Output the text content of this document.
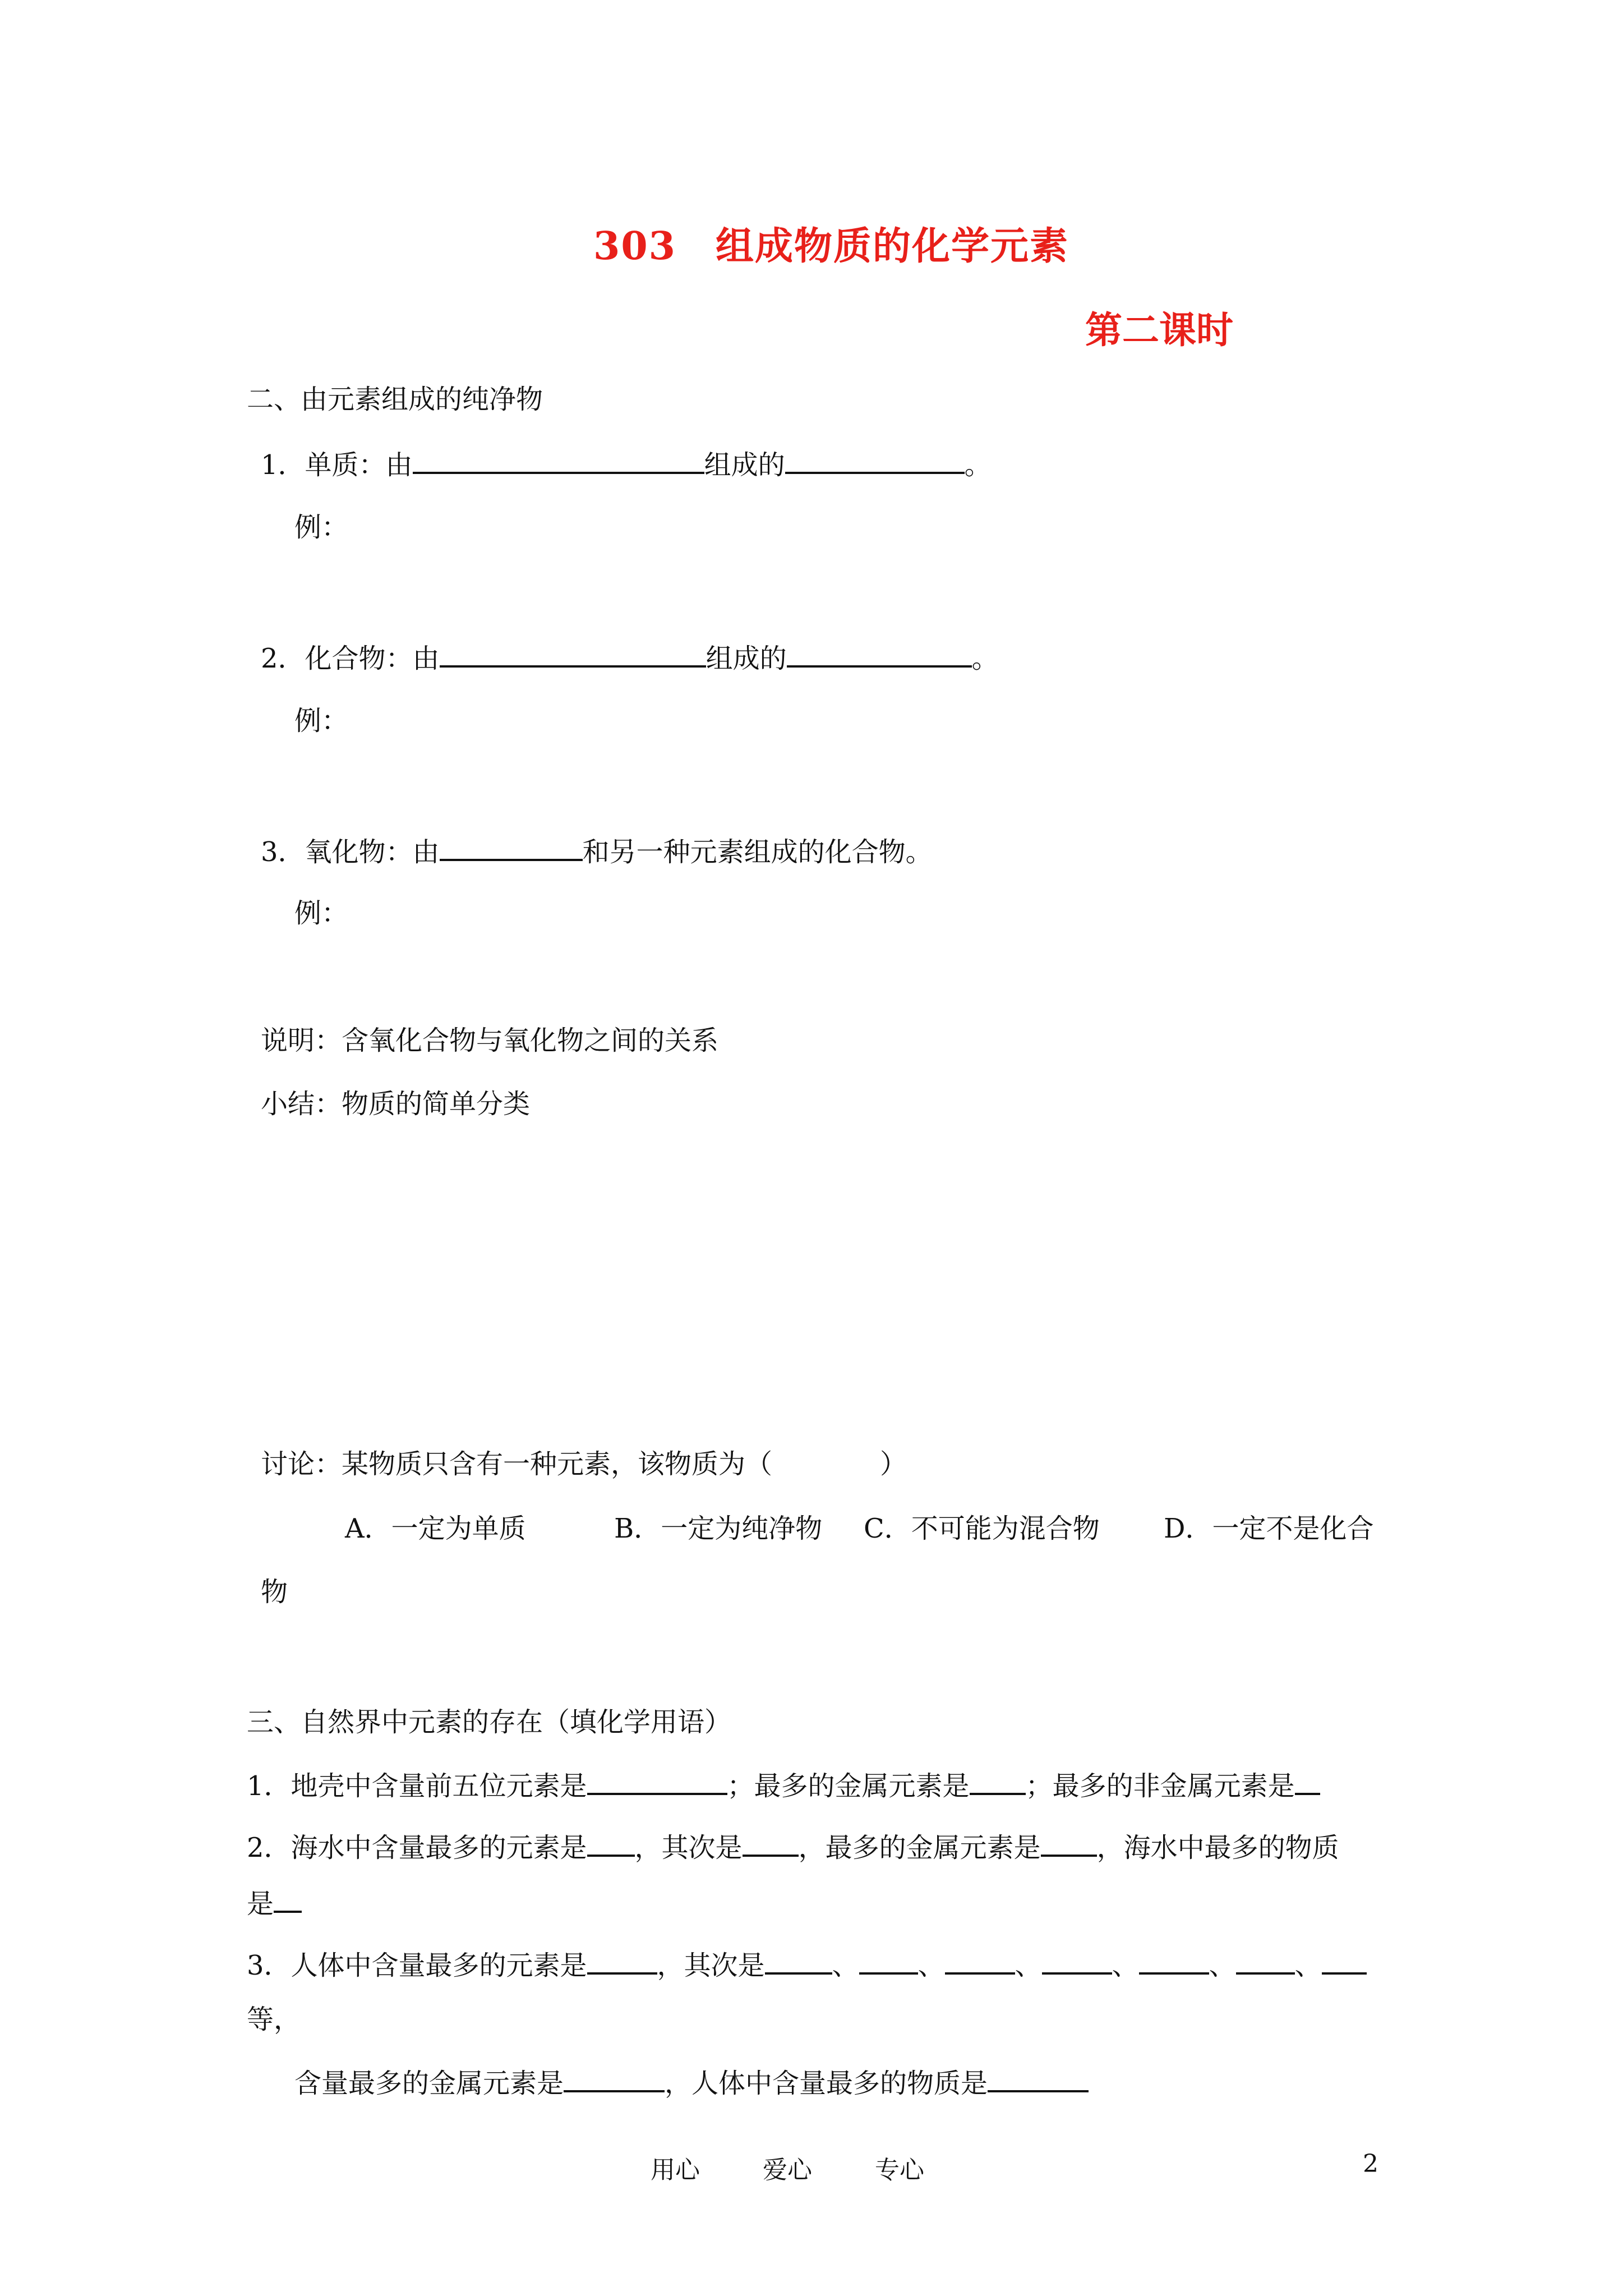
303　组成物质的化学元素
第二课时
二、由元素组成的纯净物
1．单质：由	组成的	。
例：
2．化合物：由	组成的	。
例：
3．氧化物：由	和另一种元素组成的化合物。
例：
说明：含氧化合物与氧化物之间的关系
小结：物质的简单分类
讨论：某物质只含有一种元素，该物质为（　　　　）
A．一定为单质	B．一定为纯净物 C．不可能为混合物 D．一定不是化合
物
三、自然界中元素的存在（填化学用语）
1．地壳中含量前五位元素是	；最多的金属元素是 ；最多的非金属元素是
2．海水中含量最多的元素是 ，其次是 ，最多的金属元素是 ，海水中最多的物质
是
3．人体中含量最多的元素是	，其次是	、 、	、	、	、 、
等，
含量最多的金属元素是	，人体中含量最多的物质是
用心	爱心	专心	2
